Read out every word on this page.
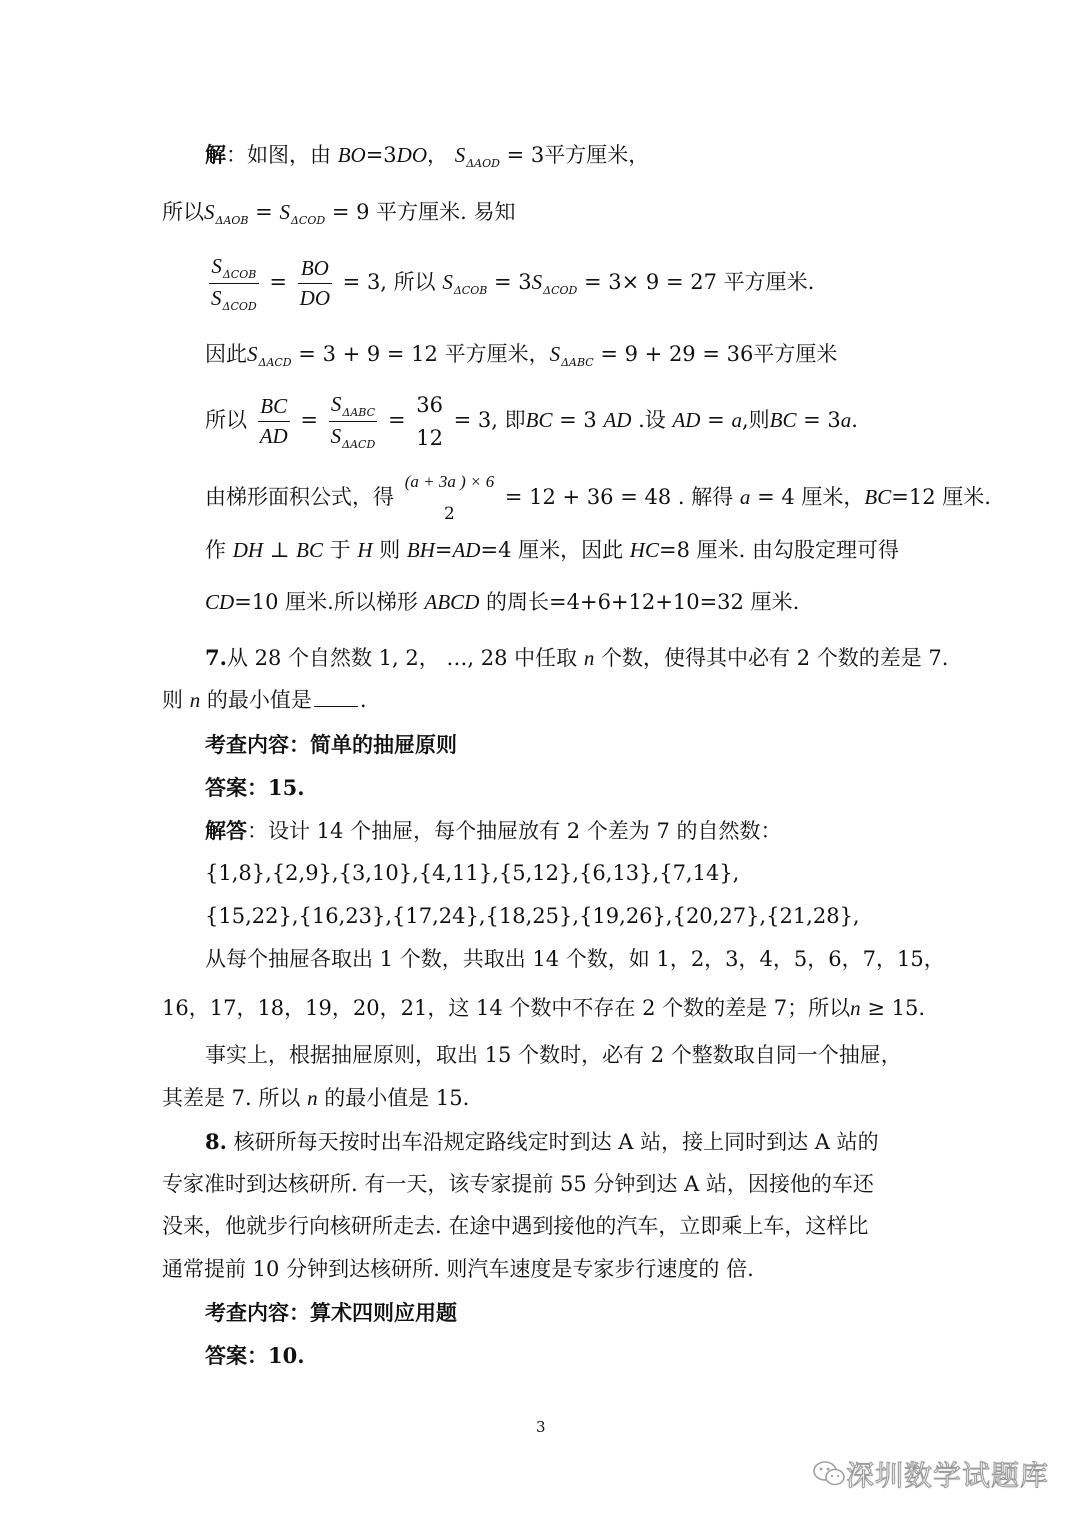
解：如图，由 BO=3DO， $S_{\Delta AOD} = 3$平方厘米，
所以$S_{\Delta AOB} = S_{\Delta COD} = 9$ 平方厘米. 易知
$\frac{S_{\Delta COB}}{S_{\Delta COD}} = \frac{BO}{DO} = 3$, 所以 $S_{\Delta COB} = 3S_{\Delta COD} = 3\times 9 = 27$ 平方厘米.
因此$S_{\Delta ACD} = 3 + 9 = 12$ 平方厘米，$S_{\Delta ABC} = 9 + 29 = 36$平方厘米
所以 $\frac{BC}{AD} = \frac{S_{\Delta ABC}}{S_{\Delta ACD}}$ =
36
12
= 3, 即BC = 3 AD .设 AD = a,则BC = 3a.
由梯形面积公式，得
(a + 3a ) × 6
2
= 12 + 36 = 48 . 解得 a = 4 厘米，BC=12 厘米.
作 DH ⊥ BC 于 H 则 BH=AD=4 厘米，因此 HC=8 厘米. 由勾股定理可得
CD=10 厘米.所以梯形 ABCD 的周长=4+6+12+10=32 厘米.
7.从 28 个自然数 1, 2， …, 28 中任取 n 个数，使得其中必有 2 个数的差是 7.
则 n 的最小值是 .
考查内容：简单的抽屉原则
答案：15.
解答：设计 14 个抽屉，每个抽屉放有 2 个差为 7 的自然数：
{1,8},{2,9},{3,10},{4,11},{5,12},{6,13},{7,14},
{15,22},{16,23},{17,24},{18,25},{19,26},{20,27},{21,28},
从每个抽屉各取出 1 个数，共取出 14 个数，如 1，2，3，4，5，6，7，15，
16，17，18，19，20，21，这 14 个数中不存在 2 个数的差是 7；所以n ≥ 15.
事实上，根据抽屉原则，取出 15 个数时，必有 2 个整数取自同一个抽屉，
其差是 7. 所以 n 的最小值是 15.
8. 核研所每天按时出车沿规定路线定时到达 A 站，接上同时到达 A 站的
专家准时到达核研所. 有一天，该专家提前 55 分钟到达 A 站，因接他的车还
没来，他就步行向核研所走去. 在途中遇到接他的汽车，立即乘上车，这样比
通常提前 10 分钟到达核研所. 则汽车速度是专家步行速度的 倍.
考查内容：算术四则应用题
答案：10.
3
深圳数学试题库
